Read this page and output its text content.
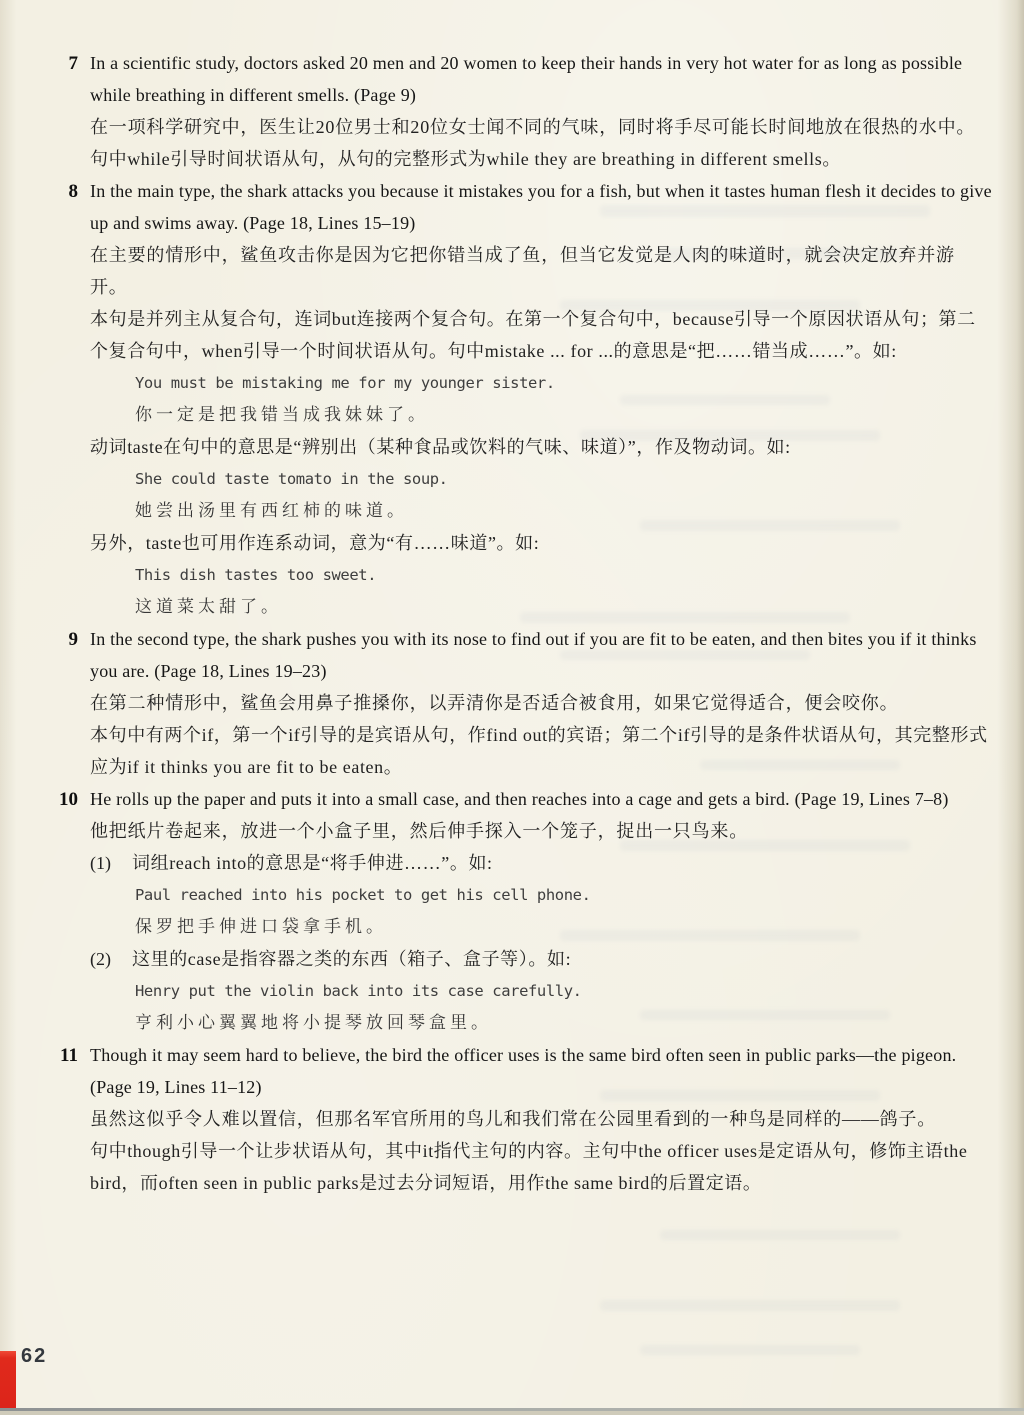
7 In a scientific study, doctors asked 20 men and 20 women to keep their hands in very hot water for as long as possible while breathing in different smells. (Page 9)

在一项科学研究中，医生让20位男士和20位女士闻不同的气味，同时将手尽可能长时间地放在很热的水中。

句中while引导时间状语从句，从句的完整形式为while they are breathing in different smells。

8 In the main type, the shark attacks you because it mistakes you for a fish, but when it tastes human flesh it decides to give up and swims away. (Page 18, Lines 15–19)

在主要的情形中，鲨鱼攻击你是因为它把你错当成了鱼，但当它发觉是人肉的味道时，就会决定放弃并游开。

本句是并列主从复合句，连词but连接两个复合句。在第一个复合句中，because引导一个原因状语从句；第二个复合句中，when引导一个时间状语从句。句中mistake ... for ...的意思是“把……错当成……”。如:

You must be mistaking me for my younger sister.

你一定是把我错当成我妹妹了。

动词taste在句中的意思是“辨别出（某种食品或饮料的气味、味道）”，作及物动词。如:

She could taste tomato in the soup.

她尝出汤里有西红柿的味道。

另外，taste也可用作连系动词，意为“有……味道”。如:

This dish tastes too sweet.

这道菜太甜了。

9 In the second type, the shark pushes you with its nose to find out if you are fit to be eaten, and then bites you if it thinks you are. (Page 18, Lines 19–23)

在第二种情形中，鲨鱼会用鼻子推搡你，以弄清你是否适合被食用，如果它觉得适合，便会咬你。

本句中有两个if，第一个if引导的是宾语从句，作find out的宾语；第二个if引导的是条件状语从句，其完整形式应为if it thinks you are fit to be eaten。

10 He rolls up the paper and puts it into a small case, and then reaches into a cage and gets a bird. (Page 19, Lines 7–8)

他把纸片卷起来，放进一个小盒子里，然后伸手探入一个笼子，捉出一只鸟来。

(1) 词组reach into的意思是“将手伸进……”。如:

Paul reached into his pocket to get his cell phone.

保罗把手伸进口袋拿手机。

(2) 这里的case是指容器之类的东西（箱子、盒子等）。如:

Henry put the violin back into its case carefully.

亨利小心翼翼地将小提琴放回琴盒里。

11 Though it may seem hard to believe, the bird the officer uses is the same bird often seen in public parks—the pigeon. (Page 19, Lines 11–12)

虽然这似乎令人难以置信，但那名军官所用的鸟儿和我们常在公园里看到的一种鸟是同样的——鸽子。

句中though引导一个让步状语从句，其中it指代主句的内容。主句中the officer uses是定语从句，修饰主语the bird，而often seen in public parks是过去分词短语，用作the same bird的后置定语。

62
